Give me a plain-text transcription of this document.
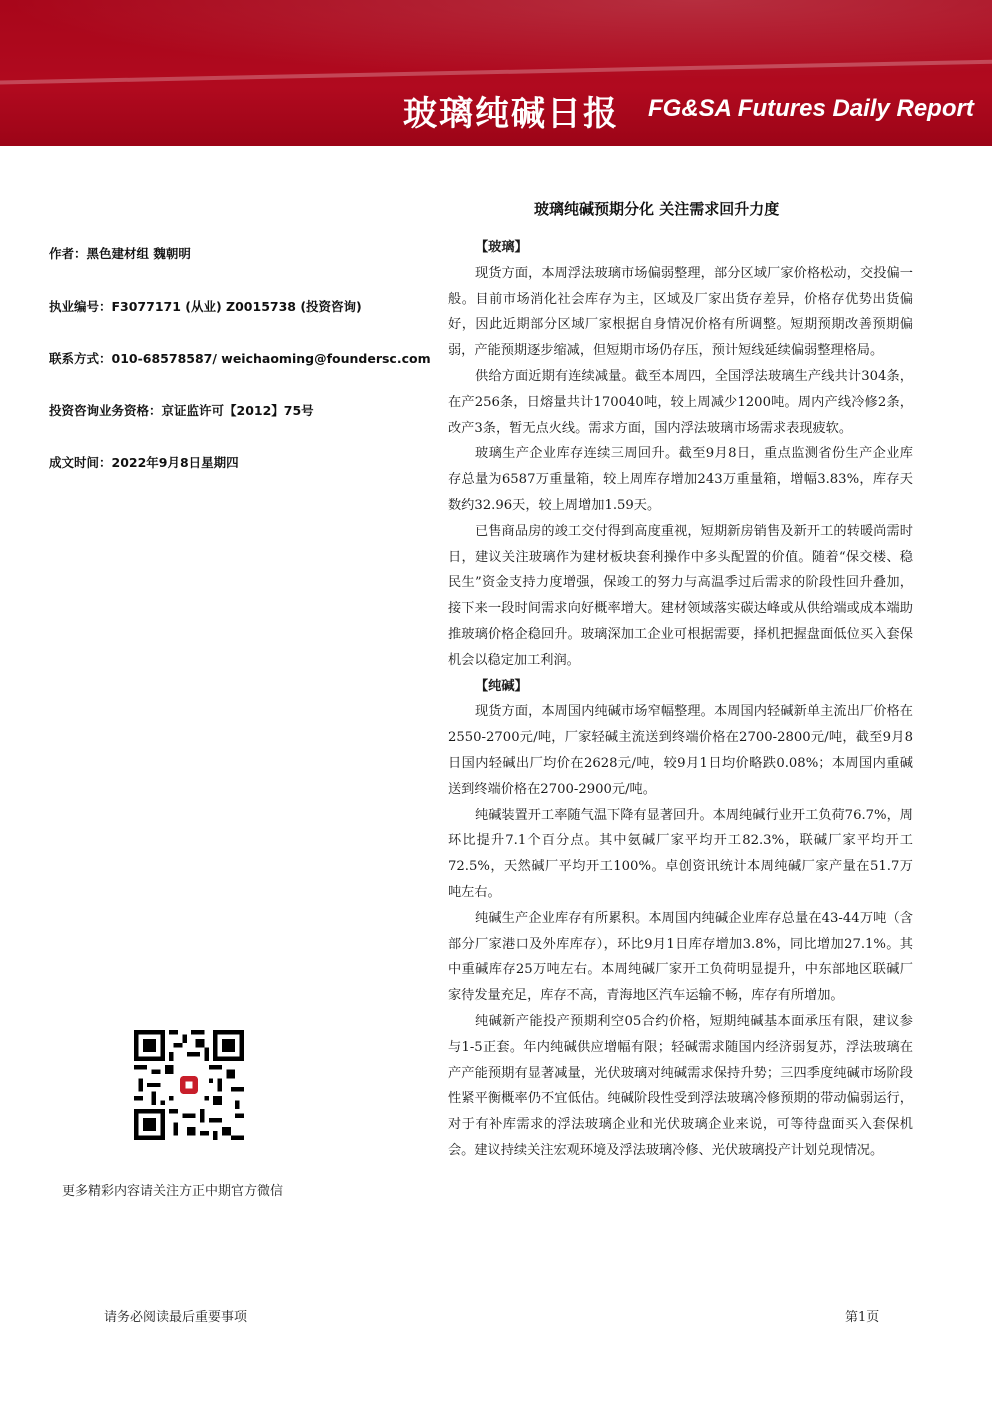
玻璃纯碱日报 FG&SA Futures Daily Report
玻璃纯碱预期分化 关注需求回升力度
作者：黑色建材组 魏朝明
执业编号：F3077171 (从业) Z0015738 (投资咨询)
联系方式：010-68578587/ weichaoming@foundersc.com
投资咨询业务资格：京证监许可【2012】75号
成文时间：2022年9月8日星期四
更多精彩内容请关注方正中期官方微信

【玻璃】

现货方面，本周浮法玻璃市场偏弱整理，部分区域厂家价格松动，交投偏一般。目前市场消化社会库存为主，区域及厂家出货存差异，价格存优势出货偏好，因此近期部分区域厂家根据自身情况价格有所调整。短期预期改善预期偏弱，产能预期逐步缩减，但短期市场仍存压，预计短线延续偏弱整理格局。

供给方面近期有连续减量。截至本周四，全国浮法玻璃生产线共计304条，在产256条，日熔量共计170040吨，较上周减少1200吨。周内产线冷修2条，改产3条，暂无点火线。需求方面，国内浮法玻璃市场需求表现疲软。

玻璃生产企业库存连续三周回升。截至9月8日，重点监测省份生产企业库存总量为6587万重量箱，较上周库存增加243万重量箱，增幅3.83%，库存天数约32.96天，较上周增加1.59天。

已售商品房的竣工交付得到高度重视，短期新房销售及新开工的转暖尚需时日，建议关注玻璃作为建材板块套利操作中多头配置的价值。随着“保交楼、稳民生”资金支持力度增强，保竣工的努力与高温季过后需求的阶段性回升叠加，接下来一段时间需求向好概率增大。建材领域落实碳达峰或从供给端或成本端助推玻璃价格企稳回升。玻璃深加工企业可根据需要，择机把握盘面低位买入套保机会以稳定加工利润。

【纯碱】

现货方面，本周国内纯碱市场窄幅整理。本周国内轻碱新单主流出厂价格在2550-2700元/吨，厂家轻碱主流送到终端价格在2700-2800元/吨，截至9月8日国内轻碱出厂均价在2628元/吨，较9月1日均价略跌0.08%；本周国内重碱送到终端价格在2700-2900元/吨。

纯碱装置开工率随气温下降有显著回升。本周纯碱行业开工负荷76.7%，周环比提升7.1个百分点。其中氨碱厂家平均开工82.3%，联碱厂家平均开工72.5%，天然碱厂平均开工100%。卓创资讯统计本周纯碱厂家产量在51.7万吨左右。

纯碱生产企业库存有所累积。本周国内纯碱企业库存总量在43-44万吨（含部分厂家港口及外库库存），环比9月1日库存增加3.8%，同比增加27.1%。其中重碱库存25万吨左右。本周纯碱厂家开工负荷明显提升，中东部地区联碱厂家待发量充足，库存不高，青海地区汽车运输不畅，库存有所增加。

纯碱新产能投产预期利空05合约价格，短期纯碱基本面承压有限，建议参与1-5正套。年内纯碱供应增幅有限；轻碱需求随国内经济弱复苏，浮法玻璃在产产能预期有显著减量，光伏玻璃对纯碱需求保持升势；三四季度纯碱市场阶段性紧平衡概率仍不宜低估。纯碱阶段性受到浮法玻璃冷修预期的带动偏弱运行，对于有补库需求的浮法玻璃企业和光伏玻璃企业来说，可等待盘面买入套保机会。建议持续关注宏观环境及浮法玻璃冷修、光伏玻璃投产计划兑现情况。

请务必阅读最后重要事项	第1页
